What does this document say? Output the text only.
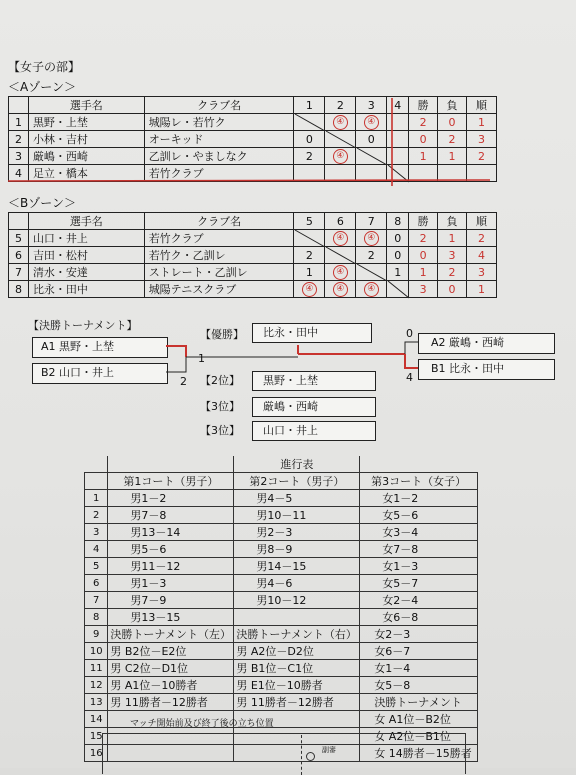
【女子の部】
＜Aゾーン＞
	選手名	クラブ名	1	2	3	4	勝	負	順
1	黒野・上埜	城陽レ・若竹ク		④	④		2	0	1
2	小林・吉村	オーキッド	0		0		0	2	3
3	厳嶋・西崎	乙訓レ・やましなク	2	④			1	1	2
4	足立・橋本	若竹クラブ							
＜Bゾーン＞
	選手名	クラブ名	5	6	7	8	勝	負	順
5	山口・井上	若竹クラブ		④	④	0	2	1	2
6	吉田・松村	若竹ク・乙訓レ	2		2	0	0	3	4
7	清水・安達	ストレート・乙訓レ	1	④		1	1	2	3
8	比永・田中	城陽テニスクラブ	④	④	④		3	0	1
【決勝トーナメント】
A1 黒野・上埜
B2 山口・井上
A2 厳嶋・西崎
B1 比永・田中
1
2
0
4
【優勝】 比永・田中
【2位】 黒野・上埜
【3位】 厳嶋・西崎
【3位】 山口・井上
		進行表	
	第1コート（男子）	第2コート（男子）	第3コート（女子）
1	男1－2	男4－5	女1－2
2	男7－8	男10－11	女5－6
3	男13－14	男2－3	女3－4
4	男5－6	男8－9	女7－8
5	男11－12	男14－15	女1－3
6	男1－3	男4－6	女5－7
7	男7－9	男10－12	女2－4
8	男13－15		女6－8
9	決勝トーナメント（左）	決勝トーナメント（右）	女2－3
10	男 B2位－E2位	男 A2位－D2位	女6－7
11	男 C2位－D1位	男 B1位－C1位	女1－4
12	男 A1位－10勝者	男 E1位－10勝者	女5－8
13	男 11勝者－12勝者	男 11勝者－12勝者	決勝トーナメント
14			女 A1位－B2位
15			女 A2位－B1位
16			女 14勝者－15勝者
マッチ開始前及び終了後の立ち位置
副審
